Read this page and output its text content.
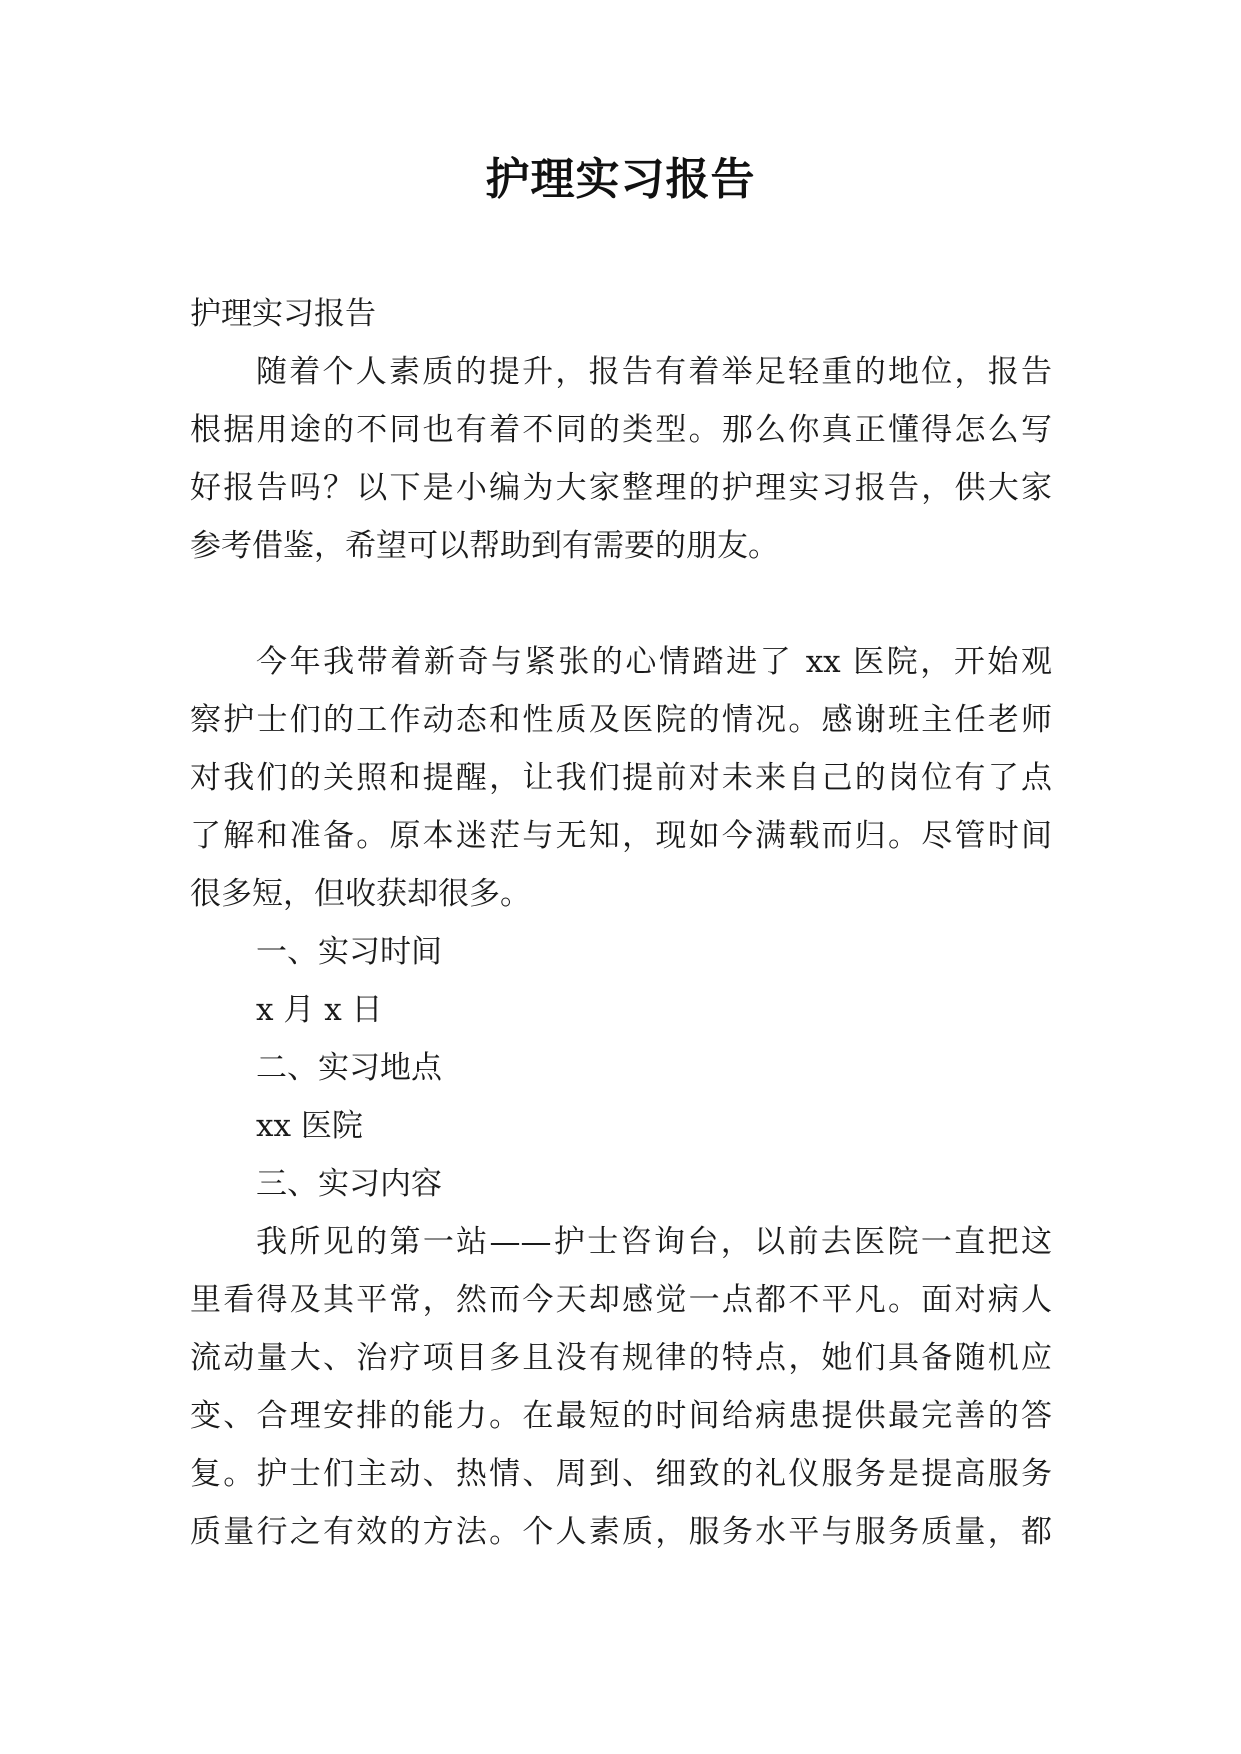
护理实习报告
护理实习报告
随着个人素质的提升，报告有着举足轻重的地位，报告
根据用途的不同也有着不同的类型。那么你真正懂得怎么写
好报告吗？以下是小编为大家整理的护理实习报告，供大家
参考借鉴，希望可以帮助到有需要的朋友。
今年我带着新奇与紧张的心情踏进了 xx 医院，开始观
察护士们的工作动态和性质及医院的情况。感谢班主任老师
对我们的关照和提醒，让我们提前对未来自己的岗位有了点
了解和准备。原本迷茫与无知，现如今满载而归。尽管时间
很多短，但收获却很多。
一、实习时间
x 月 x 日
二、实习地点
xx 医院
三、实习内容
我所见的第一站——护士咨询台，以前去医院一直把这
里看得及其平常，然而今天却感觉一点都不平凡。面对病人
流动量大、治疗项目多且没有规律的特点，她们具备随机应
变、合理安排的能力。在最短的时间给病患提供最完善的答
复。护士们主动、热情、周到、细致的礼仪服务是提高服务
质量行之有效的方法。个人素质，服务水平与服务质量，都
